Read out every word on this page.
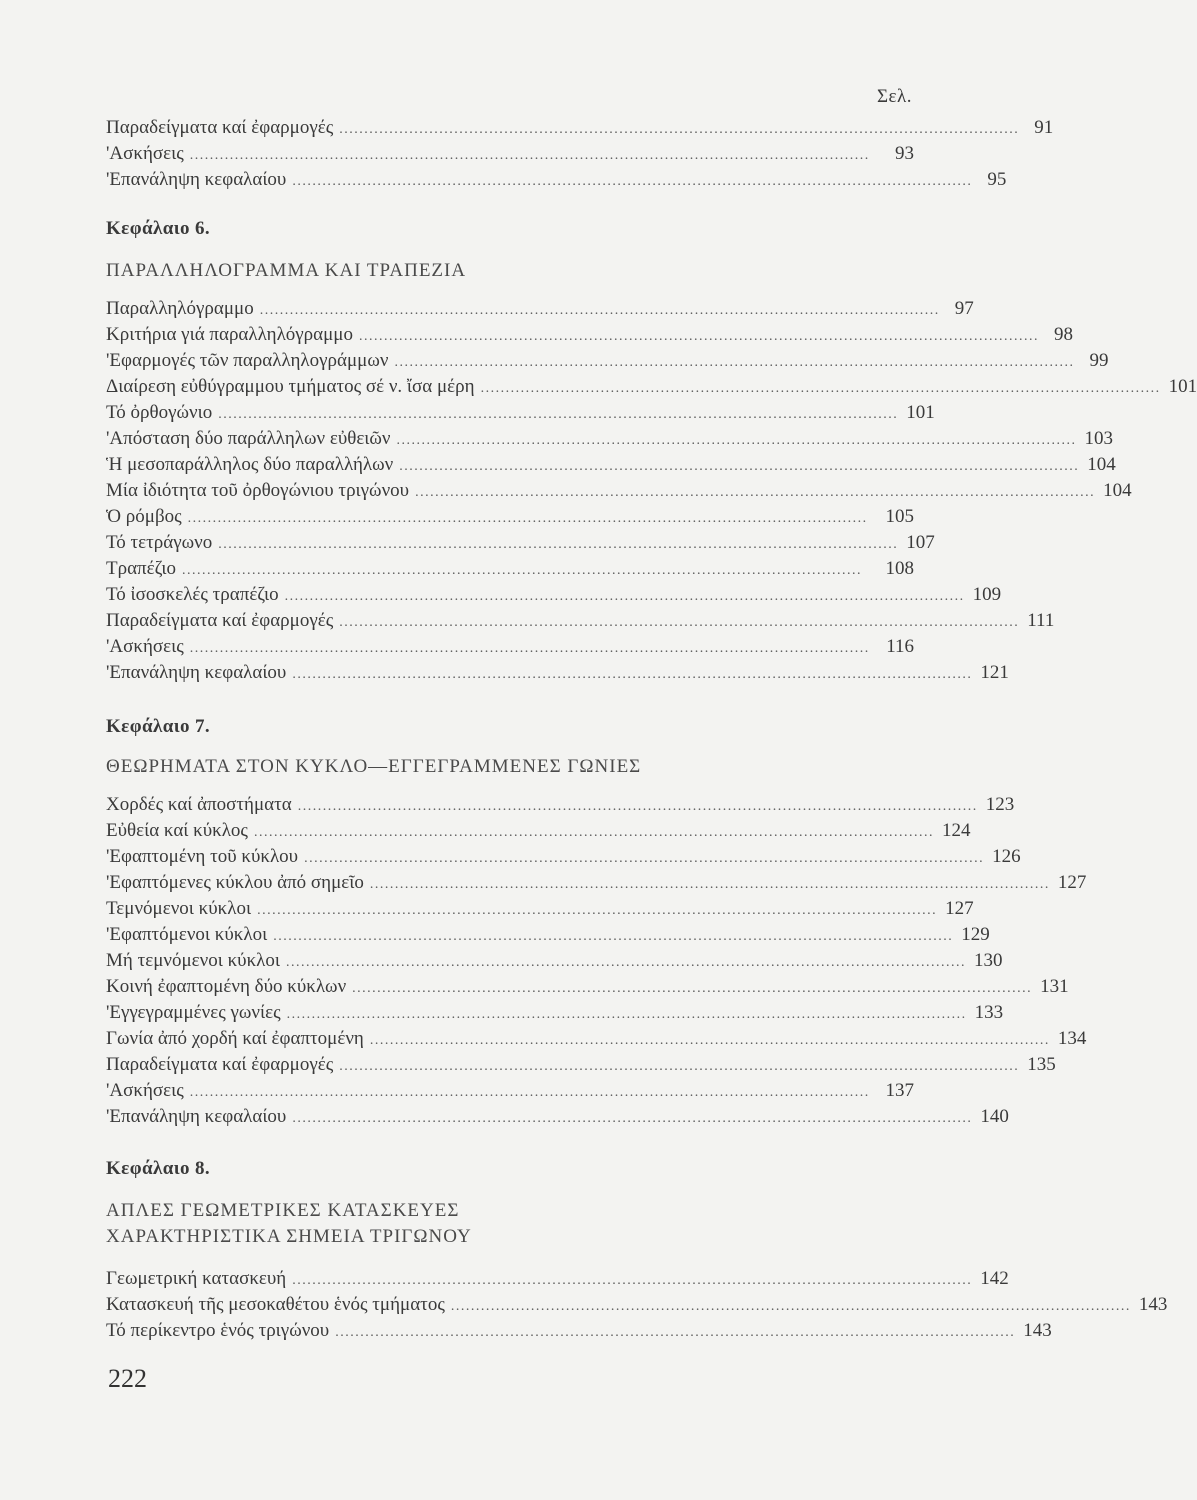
Σελ.
Παραδείγματα καί ἐφαρμογές ........................................................................................................................................ 91
'Ασκήσεις ........................................................................................................................................	93
'Επανάληψη κεφαλαίου ........................................................................................................................................ 95
Κεφάλαιο 6.
ΠΑΡΑΛΛΗΛΟΓΡΑΜΜΑ ΚΑΙ ΤΡΑΠΕΖΙΑ
Παραλληλόγραμμο ........................................................................................................................................ 97
Κριτήρια γιά παραλληλόγραμμο ........................................................................................................................................ 98
'Εφαρμογές τῶν παραλληλογράμμων ........................................................................................................................................ 99
Διαίρεση εὐθύγραμμου τμήματος σέ ν. ἴσα μέρη ........................................................................................................................................ 101
Τό ὀρθογώνιο ........................................................................................................................................ 101
'Απόσταση δύο παράλληλων εὐθειῶν ........................................................................................................................................ 103
Ἡ μεσοπαράλληλος δύο παραλλήλων ........................................................................................................................................ 104
Μία ἰδιότητα τοῦ ὀρθογώνιου τριγώνου ........................................................................................................................................ 104
Ὁ ρόμβος ........................................................................................................................................ 105
Τό τετράγωνο ........................................................................................................................................ 107
Τραπέζιο ........................................................................................................................................	108
Τό ἰσοσκελές τραπέζιο ........................................................................................................................................ 109
Παραδείγματα καί ἐφαρμογές ........................................................................................................................................ 111
'Ασκήσεις ........................................................................................................................................ 116
'Επανάληψη κεφαλαίου ........................................................................................................................................ 121
Κεφάλαιο 7.
ΘΕΩΡΗΜΑΤΑ ΣΤΟΝ ΚΥΚΛΟ—ΕΓΓΕΓΡΑΜΜΕΝΕΣ ΓΩΝΙΕΣ
Χορδές καί ἀποστήματα ........................................................................................................................................ 123
Εὐθεία καί κύκλος ........................................................................................................................................ 124
'Εφαπτομένη τοῦ κύκλου ........................................................................................................................................ 126
'Εφαπτόμενες κύκλου ἀπό σημεῖο ........................................................................................................................................ 127
Τεμνόμενοι κύκλοι ........................................................................................................................................ 127
'Εφαπτόμενοι κύκλοι ........................................................................................................................................ 129
Μή τεμνόμενοι κύκλοι ........................................................................................................................................ 130
Κοινή ἐφαπτομένη δύο κύκλων ........................................................................................................................................ 131
'Εγγεγραμμένες γωνίες ........................................................................................................................................ 133
Γωνία ἀπό χορδή καί ἐφαπτομένη ........................................................................................................................................ 134
Παραδείγματα καί ἐφαρμογές ........................................................................................................................................ 135
'Ασκήσεις ........................................................................................................................................ 137
'Επανάληψη κεφαλαίου ........................................................................................................................................ 140
Κεφάλαιο 8.
ΑΠΛΕΣ ΓΕΩΜΕΤΡΙΚΕΣ ΚΑΤΑΣΚΕΥΕΣ
ΧΑΡΑΚΤΗΡΙΣΤΙΚΑ ΣΗΜΕΙΑ ΤΡΙΓΩΝΟΥ
Γεωμετρική κατασκευή ........................................................................................................................................ 142
Κατασκευή τῆς μεσοκαθέτου ἑνός τμήματος ........................................................................................................................................ 143
Τό περίκεντρο ἑνός τριγώνου ........................................................................................................................................ 143
222
